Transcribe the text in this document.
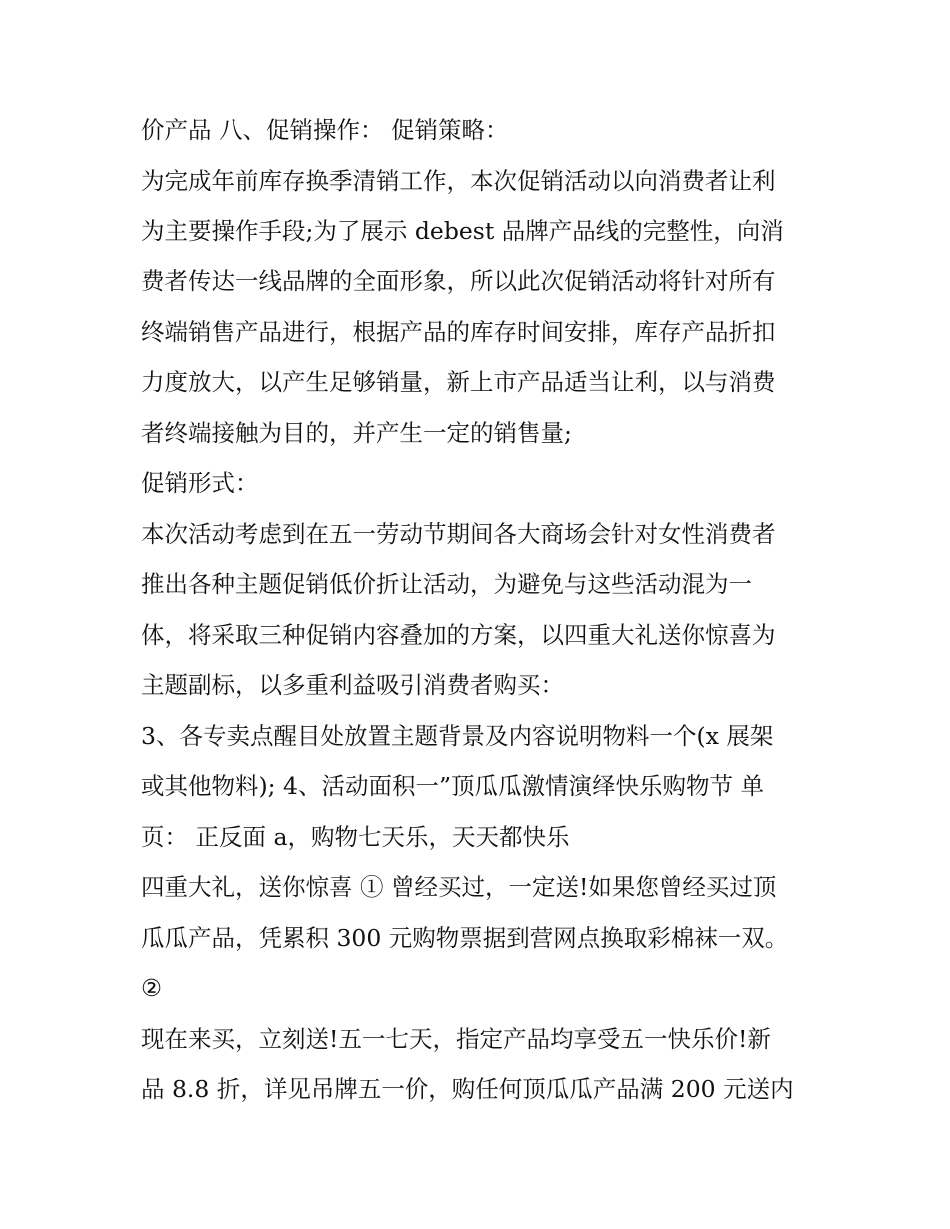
价产品 八、促销操作： 促销策略：

为完成年前库存换季清销工作，本次促销活动以向消费者让利

为主要操作手段;为了展示 debest 品牌产品线的完整性，向消

费者传达一线品牌的全面形象，所以此次促销活动将针对所有

终端销售产品进行，根据产品的库存时间安排，库存产品折扣

力度放大，以产生足够销量，新上市产品适当让利，以与消费

者终端接触为目的，并产生一定的销售量;

促销形式：

本次活动考虑到在五一劳动节期间各大商场会针对女性消费者

推出各种主题促销低价折让活动，为避免与这些活动混为一

体，将采取三种促销内容叠加的方案，以四重大礼送你惊喜为

主题副标，以多重利益吸引消费者购买：

3、各专卖点醒目处放置主题背景及内容说明物料一个(x 展架

或其他物料); 4、活动面积一”顶瓜瓜激情演绎快乐购物节 单

页： 正反面 a，购物七天乐，天天都快乐

四重大礼，送你惊喜 ① 曾经买过，一定送!如果您曾经买过顶

瓜瓜产品，凭累积 300 元购物票据到营网点换取彩棉袜一双。

②

现在来买，立刻送!五一七天，指定产品均享受五一快乐价!新

品 8.8 折，详见吊牌五一价，购任何顶瓜瓜产品满 200 元送内
